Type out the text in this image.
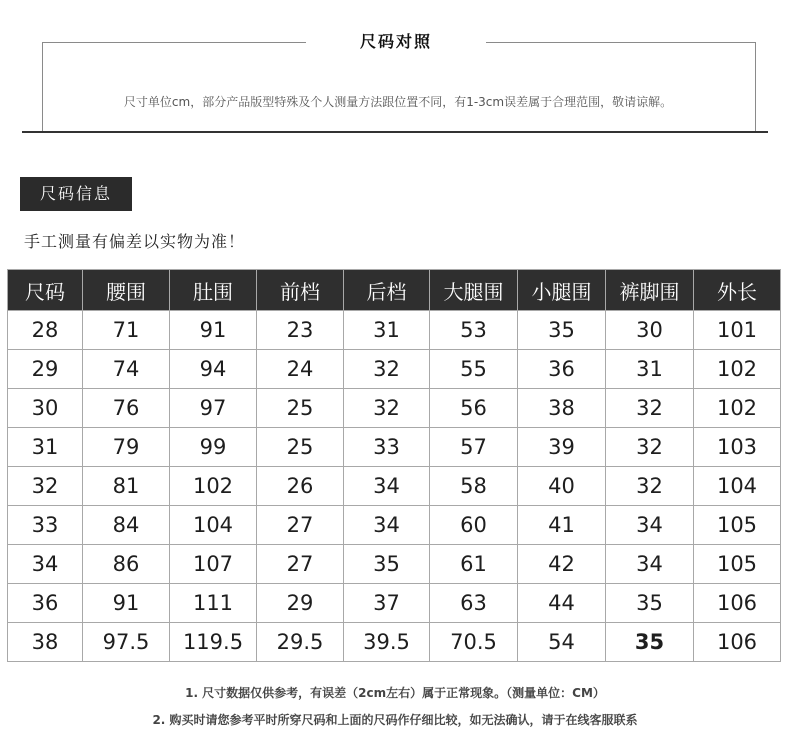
尺码对照
尺寸单位cm，部分产品版型特殊及个人测量方法跟位置不同，有1-3cm误差属于合理范围，敬请谅解。
尺码信息
手工测量有偏差以实物为准！
尺码	腰围	肚围	前档	后档	大腿围	小腿围	裤脚围	外长
28	71	91	23	31	53	35	30	101
29	74	94	24	32	55	36	31	102
30	76	97	25	32	56	38	32	102
31	79	99	25	33	57	39	32	103
32	81	102	26	34	58	40	32	104
33	84	104	27	34	60	41	34	105
34	86	107	27	35	61	42	34	105
36	91	111	29	37	63	44	35	106
38	97.5	119.5	29.5	39.5	70.5	54	35	106
1. 尺寸数据仅供参考，有误差（2cm左右）属于正常现象。（测量单位：CM）
2. 购买时请您参考平时所穿尺码和上面的尺码作仔细比较，如无法确认，请于在线客服联系
